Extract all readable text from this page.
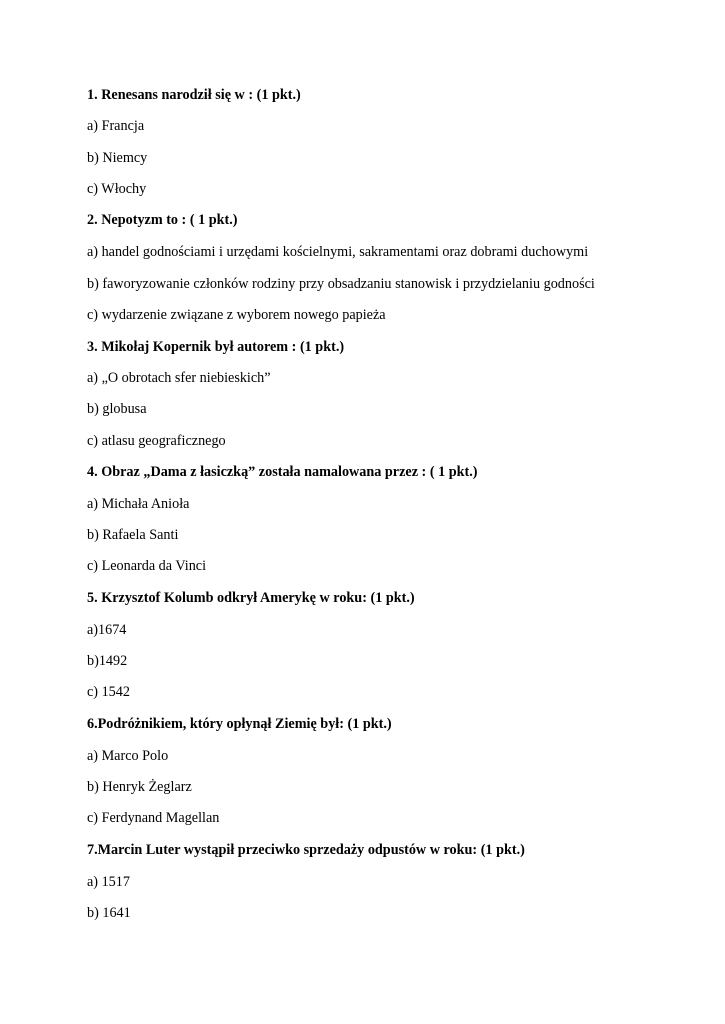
1. Renesans narodził się w : (1 pkt.)
a) Francja
b) Niemcy
c) Włochy
2. Nepotyzm to : ( 1 pkt.)
a) handel godnościami i urzędami kościelnymi, sakramentami oraz dobrami duchowymi
b) faworyzowanie członków rodziny przy obsadzaniu stanowisk i przydzielaniu godności
c) wydarzenie związane z wyborem nowego papieża
3. Mikołaj Kopernik był autorem : (1 pkt.)
a) „O obrotach sfer niebieskich”
b) globusa
c) atlasu geograficznego
4. Obraz „Dama z łasiczką” została namalowana przez : ( 1 pkt.)
a) Michała Anioła
b) Rafaela Santi
c) Leonarda da Vinci
5. Krzysztof Kolumb odkrył Amerykę w roku: (1 pkt.)
a)1674
b)1492
c) 1542
6.Podróżnikiem, który opłynął Ziemię był: (1 pkt.)
a) Marco Polo
b) Henryk Żeglarz
c) Ferdynand Magellan
7.Marcin Luter wystąpił przeciwko sprzedaży odpustów w roku: (1 pkt.)
a) 1517
b) 1641
